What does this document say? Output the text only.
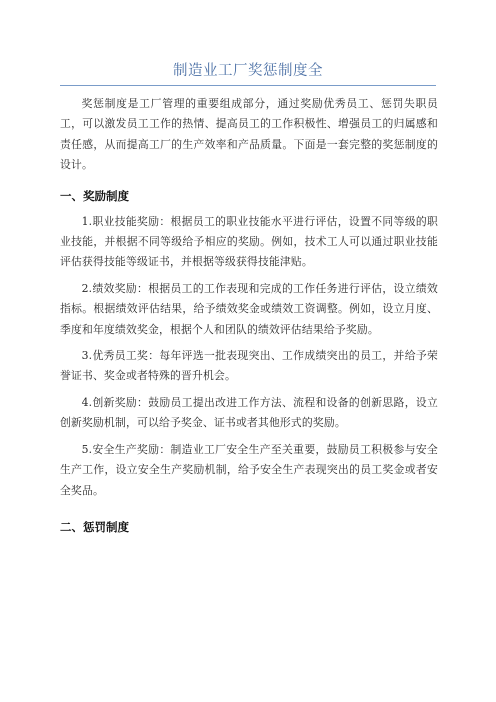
制造业工厂奖惩制度全

奖惩制度是工厂管理的重要组成部分，通过奖励优秀员工、惩罚失职员工，可以激发员工工作的热情、提高员工的工作积极性、增强员工的归属感和责任感，从而提高工厂的生产效率和产品质量。下面是一套完整的奖惩制度的设计。

一、奖励制度

1.职业技能奖励：根据员工的职业技能水平进行评估，设置不同等级的职业技能，并根据不同等级给予相应的奖励。例如，技术工人可以通过职业技能评估获得技能等级证书，并根据等级获得技能津贴。

2.绩效奖励：根据员工的工作表现和完成的工作任务进行评估，设立绩效指标。根据绩效评估结果，给予绩效奖金或绩效工资调整。例如，设立月度、季度和年度绩效奖金，根据个人和团队的绩效评估结果给予奖励。

3.优秀员工奖：每年评选一批表现突出、工作成绩突出的员工，并给予荣誉证书、奖金或者特殊的晋升机会。

4.创新奖励：鼓励员工提出改进工作方法、流程和设备的创新思路，设立创新奖励机制，可以给予奖金、证书或者其他形式的奖励。

5.安全生产奖励：制造业工厂安全生产至关重要，鼓励员工积极参与安全生产工作，设立安全生产奖励机制，给予安全生产表现突出的员工奖金或者安全奖品。

二、惩罚制度
